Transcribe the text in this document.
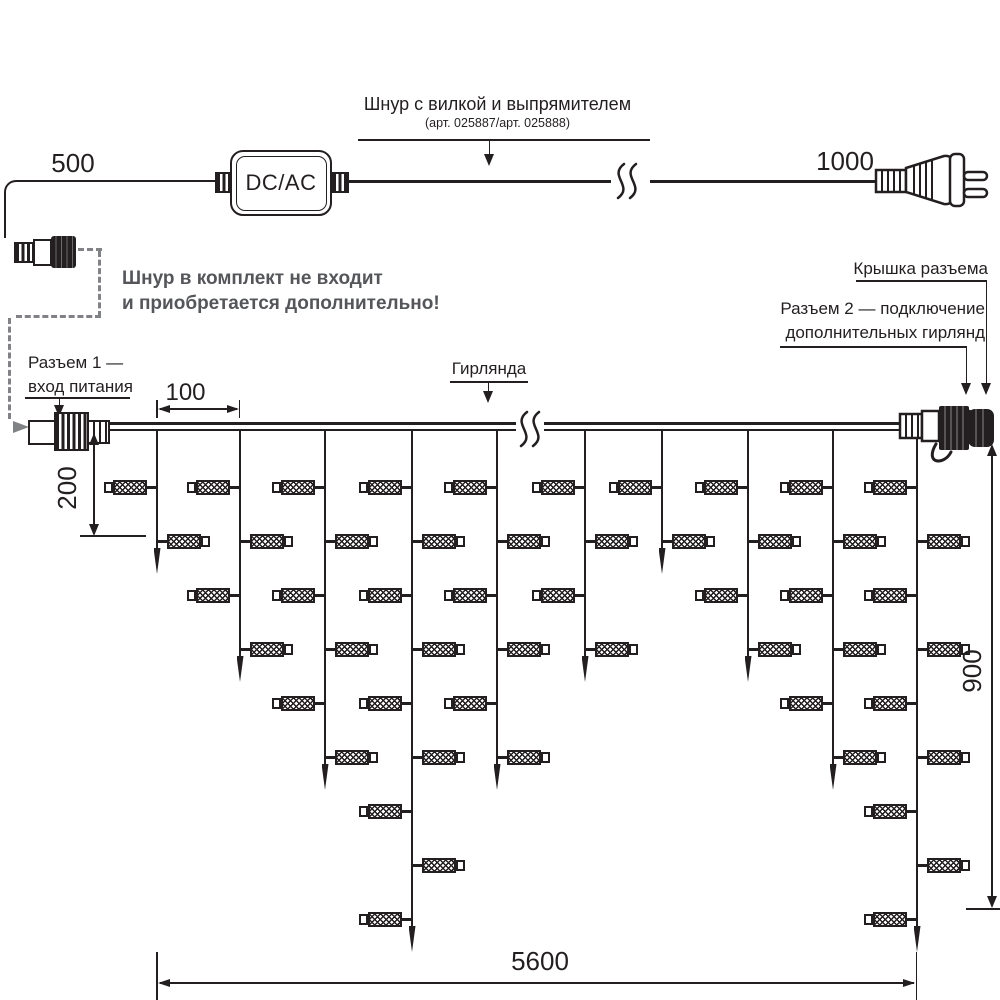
Шнур с вилкой и выпрямителем
(арт. 025887/арт. 025888)
500	1000
DC/AC
Шнур в комплект не входит
и приобретается дополнительно!
Крышка разъема
Разъем 2 — подключение
дополнительных гирлянд
Разъем 1 —
вход питания
Гирлянда
100
200
900
5600
